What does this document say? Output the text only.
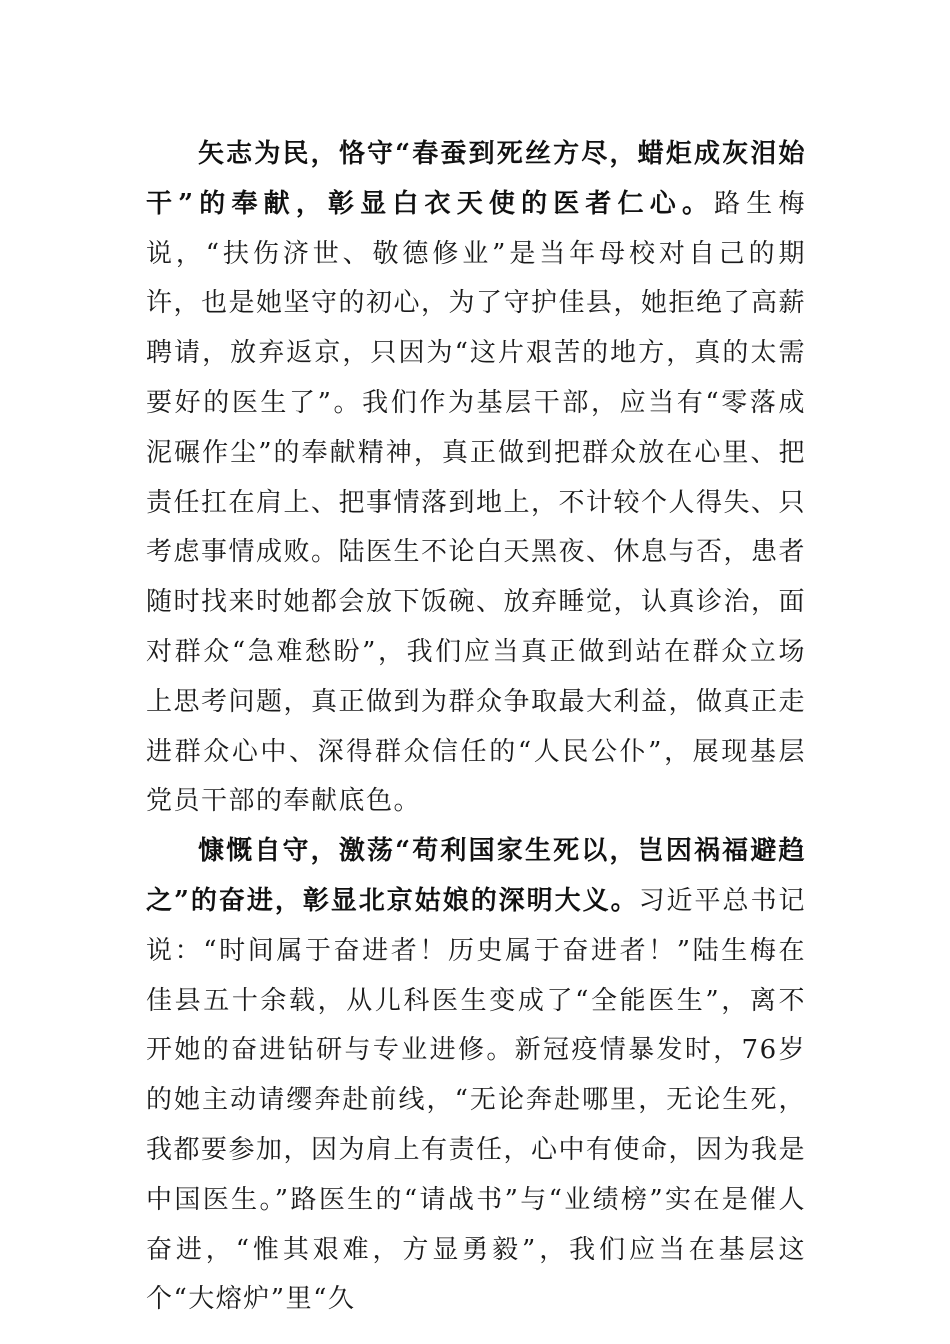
矢志为民，恪守“春蚕到死丝方尽，蜡炬成灰泪始干”的奉献，彰显白衣天使的医者仁心。路生梅说，“扶伤济世、敬德修业”是当年母校对自己的期许，也是她坚守的初心，为了守护佳县，她拒绝了高薪聘请，放弃返京，只因为“这片艰苦的地方，真的太需要好的医生了”。我们作为基层干部，应当有“零落成泥碾作尘”的奉献精神，真正做到把群众放在心里、把责任扛在肩上、把事情落到地上，不计较个人得失、只考虑事情成败。陆医生不论白天黑夜、休息与否，患者随时找来时她都会放下饭碗、放弃睡觉，认真诊治，面对群众“急难愁盼”，我们应当真正做到站在群众立场上思考问题，真正做到为群众争取最大利益，做真正走进群众心中、深得群众信任的“人民公仆”，展现基层党员干部的奉献底色。

慷慨自守，激荡“苟利国家生死以，岂因祸福避趋之”的奋进，彰显北京姑娘的深明大义。习近平总书记说：“时间属于奋进者！历史属于奋进者！”陆生梅在佳县五十余载，从儿科医生变成了“全能医生”，离不开她的奋进钻研与专业进修。新冠疫情暴发时，76岁的她主动请缨奔赴前线，“无论奔赴哪里，无论生死，我都要参加，因为肩上有责任，心中有使命，因为我是中国医生。”路医生的“请战书”与“业绩榜”实在是催人奋进，“惟其艰难，方显勇毅”，我们应当在基层这个“大熔炉”里“久
